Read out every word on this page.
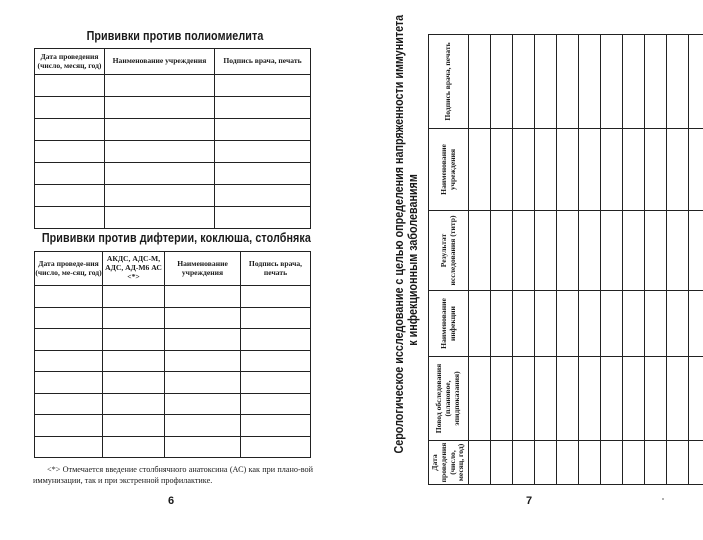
Прививки против полиомиелита
Дата проведения (число, месяц, год)	Наименование учреждения	Подпись врача, печать

Прививки против дифтерии, коклюша, столбняка
Дата проведе-ния (число, ме-сяц, год)	АКДС, АДС-М, АДС, АД-М6 АС <*>	Наименование учреждения	Подпись врача, печать

<*> Отмечается введение столбнячного анатоксина (АС) как при плано-вой иммунизации, так и при экстренной профилактике.
6
Серологическое исследование с целью определения напряженности иммунитета к инфекционным заболеваниям
Дата проведения (число, месяц, год)	Повод обследования (плановое, эпидпоказания)	Наименование инфекции	Результат исследования (титр)	Наименование учреждения	Подпись врача, печать

7
